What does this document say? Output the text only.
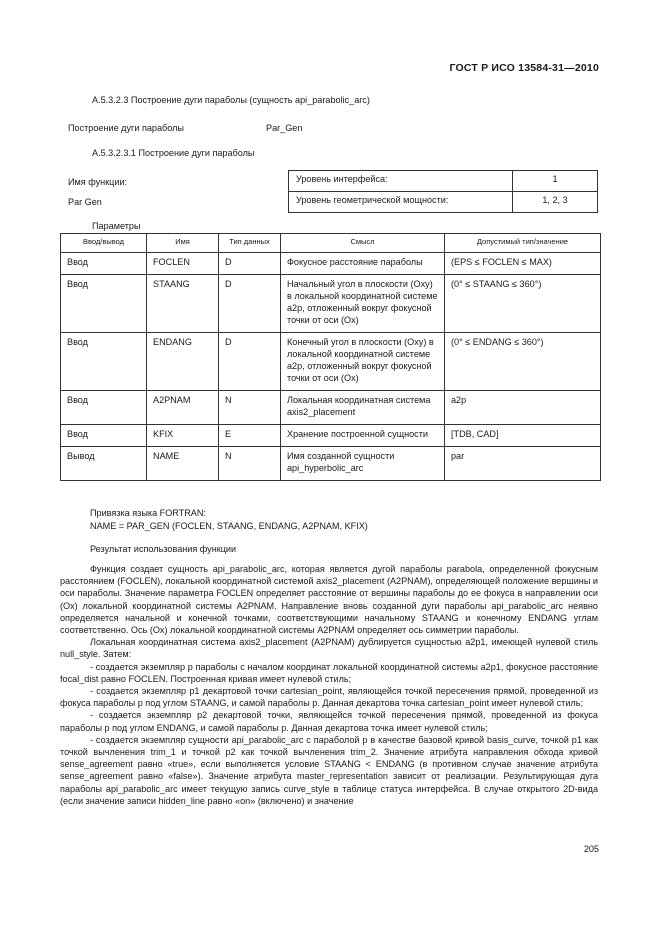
ГОСТ Р ИСО 13584-31—2010
A.5.3.2.3 Построение дуги параболы (сущность api_parabolic_arc)
Построение дуги параболы	Par_Gen
A.5.3.2.3.1 Построение дуги параболы
Имя функции:
Par Gen
Уровень интерфейса:	1
Уровень геометрической мощности:	1, 2, 3
Параметры
Ввод/вывод	Имя	Тип данных	Смысл	Допустимый тип/значение
Ввод	FOCLEN	D	Фокусное расстояние параболы	(EPS ≤ FOCLEN ≤ MAX)
Ввод	STAANG	D	Начальный угол в плоскости (Oxy) в локальной координатной системе a2p, отложенный вокруг фокусной точки от оси (Ox)	(0° ≤ STAANG ≤ 360°)
Ввод	ENDANG	D	Конечный угол в плоскости (Oxy) в локальной координатной системе a2p, отложенный вокруг фокусной точки от оси (Ox)	(0° ≤ ENDANG ≤ 360°)
Ввод	A2PNAM	N	Локальная координатная система axis2_placement	a2p
Ввод	KFIX	E	Хранение построенной сущности	[TDB, CAD]
Вывод	NAME	N	Имя созданной сущности api_hyperbolic_arc	par
Привязка языка FORTRAN:
NAME = PAR_GEN (FOCLEN, STAANG, ENDANG, A2PNAM, KFIX)
Результат использования функции

Функция создает сущность api_parabolic_arc, которая является дугой параболы parabola, определенной фокусным расстоянием (FOCLEN), локальной координатной системой axis2_placement (A2PNAM), определяющей положение вершины и оси параболы. Значение параметра FOCLEN определяет расстояние от вершины параболы до ее фокуса в направлении оси (Ox) локальной координатной системы A2PNAM. Направление вновь созданной дуги параболы api_parabolic_arc неявно определяется начальной и конечной точками, соответствующими начальному STAANG и конечному ENDANG углам соответственно. Ось (Ox) локальной координатной системы A2PNAM определяет ось симметрии параболы.

Локальная координатная система axis2_placement (A2PNAM) дублируется сущностью a2p1, имеющей нулевой стиль null_style. Затем:

- создается экземпляр p параболы с началом координат локальной координатной системы a2p1, фокусное расстояние focal_dist равно FOCLEN. Построенная кривая имеет нулевой стиль;

- создается экземпляр p1 декартовой точки cartesian_point, являющейся точкой пересечения прямой, проведенной из фокуса параболы p под углом STAANG, и самой параболы p. Данная декартова точка cartesian_point имеет нулевой стиль;

- создается экземпляр p2 декартовой точки, являющейся точкой пересечения прямой, проведенной из фокуса параболы p под углом ENDANG, и самой параболы p. Данная декартова точка имеет нулевой стиль;

- создается экземпляр сущности api_parabolic_arc с параболой p в качестве базовой кривой basis_curve, точкой p1 как точкой вычленения trim_1 и точкой p2 как точкой вычленения trim_2. Значение атрибута направления обхода кривой sense_agreement равно «true», если выполняется условие STAANG < ENDANG (в противном случае значение атрибута sense_agreement равно «false»). Значение атрибута master_representation зависит от реализации. Результирующая дуга параболы api_parabolic_arc имеет текущую запись curve_style в таблице статуса интерфейса. В случае открытого 2D-вида (если значение записи hidden_line равно «on» (включено) и значение

205
